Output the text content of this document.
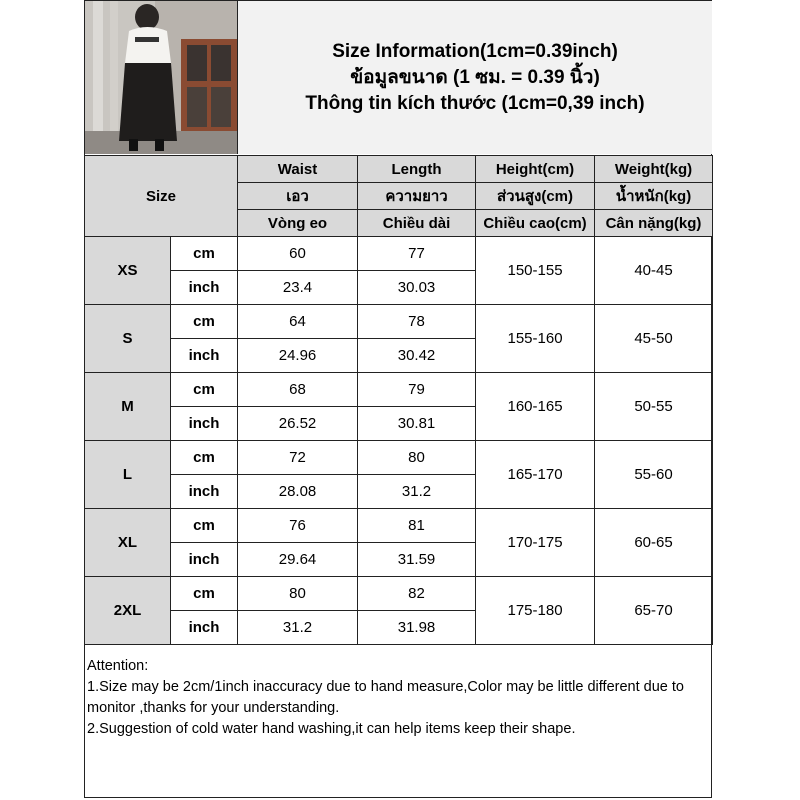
Size Information(1cm=0.39inch)
ข้อมูลขนาด (1 ซม. = 0.39 นิ้ว)
Thông tin kích thước (1cm=0,39 inch)
Size		Waist	Length	Height(cm)	Weight(kg)
		เอว	ความยาว	ส่วนสูง(cm)	น้ำหนัก(kg)
		Vòng eo	Chiều dài	Chiều cao(cm)	Cân nặng(kg)
XS	cm	60	77	150-155	40-45
	inch	23.4	30.03		
S	cm	64	78	155-160	45-50
	inch	24.96	30.42		
M	cm	68	79	160-165	50-55
	inch	26.52	30.81		
L	cm	72	80	165-170	55-60
	inch	28.08	31.2		
XL	cm	76	81	170-175	60-65
	inch	29.64	31.59		
2XL	cm	80	82	175-180	65-70
	inch	31.2	31.98		
Attention:
1.Size may be 2cm/1inch inaccuracy due to hand measure,Color may be little different due to monitor ,thanks for your understanding.
2.Suggestion of cold water hand washing,it can help items keep their shape.
